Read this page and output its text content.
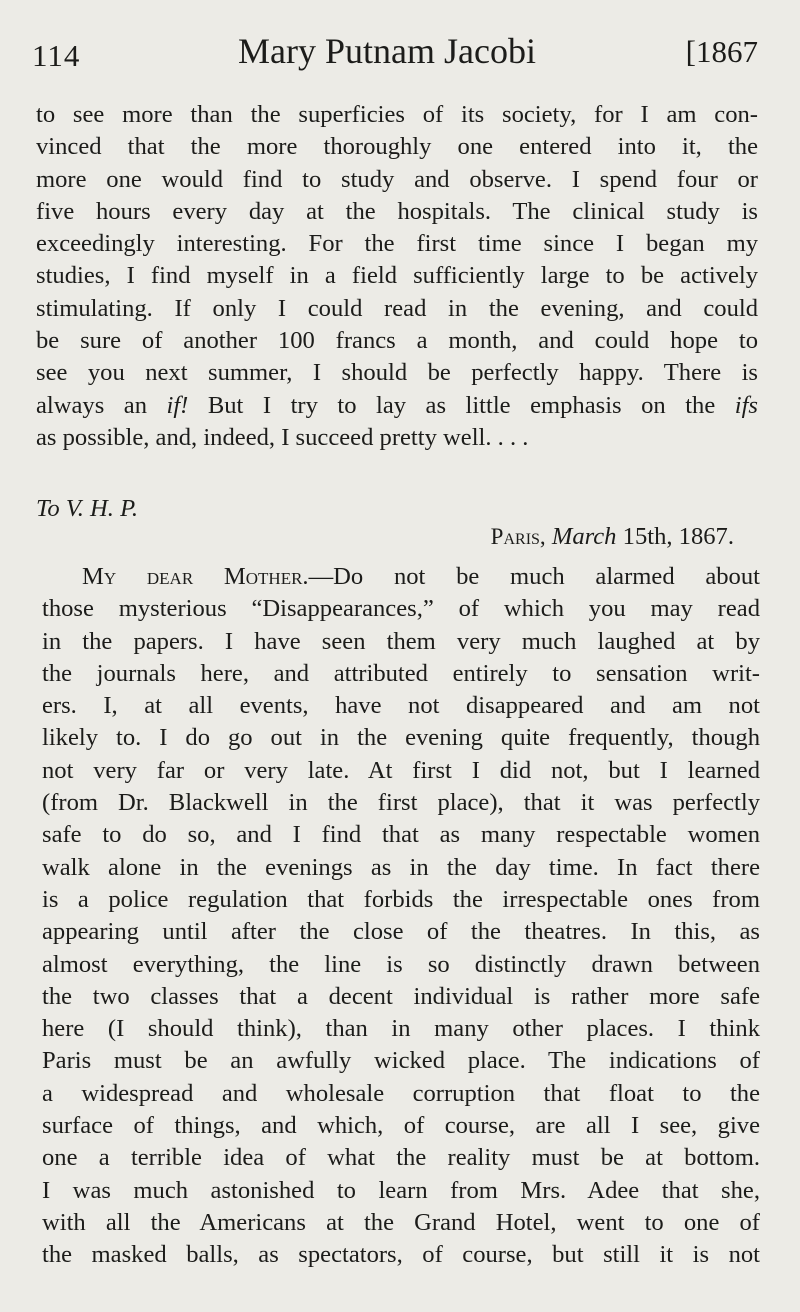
114	Mary Putnam Jacobi	[1867
to see more than the superficies of its society, for I am con-
vinced that the more thoroughly one entered into it, the
more one would find to study and observe. I spend four or
five hours every day at the hospitals. The clinical study is
exceedingly interesting. For the first time since I began my
studies, I find myself in a field sufficiently large to be actively
stimulating. If only I could read in the evening, and could
be sure of another 100 francs a month, and could hope to
see you next summer, I should be perfectly happy. There is
always an if! But I try to lay as little emphasis on the ifs
as possible, and, indeed, I succeed pretty well. . . .
To V. H. P.
Paris, March 15th, 1867.
My dear Mother.—Do not be much alarmed about
those mysterious “Disappearances,” of which you may read
in the papers. I have seen them very much laughed at by
the journals here, and attributed entirely to sensation writ-
ers. I, at all events, have not disappeared and am not
likely to. I do go out in the evening quite frequently, though
not very far or very late. At first I did not, but I learned
(from Dr. Blackwell in the first place), that it was perfectly
safe to do so, and I find that as many respectable women
walk alone in the evenings as in the day time. In fact there
is a police regulation that forbids the irrespectable ones from
appearing until after the close of the theatres. In this, as
almost everything, the line is so distinctly drawn between
the two classes that a decent individual is rather more safe
here (I should think), than in many other places. I think
Paris must be an awfully wicked place. The indications of
a widespread and wholesale corruption that float to the
surface of things, and which, of course, are all I see, give
one a terrible idea of what the reality must be at bottom.
I was much astonished to learn from Mrs. Adee that she,
with all the Americans at the Grand Hotel, went to one of
the masked balls, as spectators, of course, but still it is not
